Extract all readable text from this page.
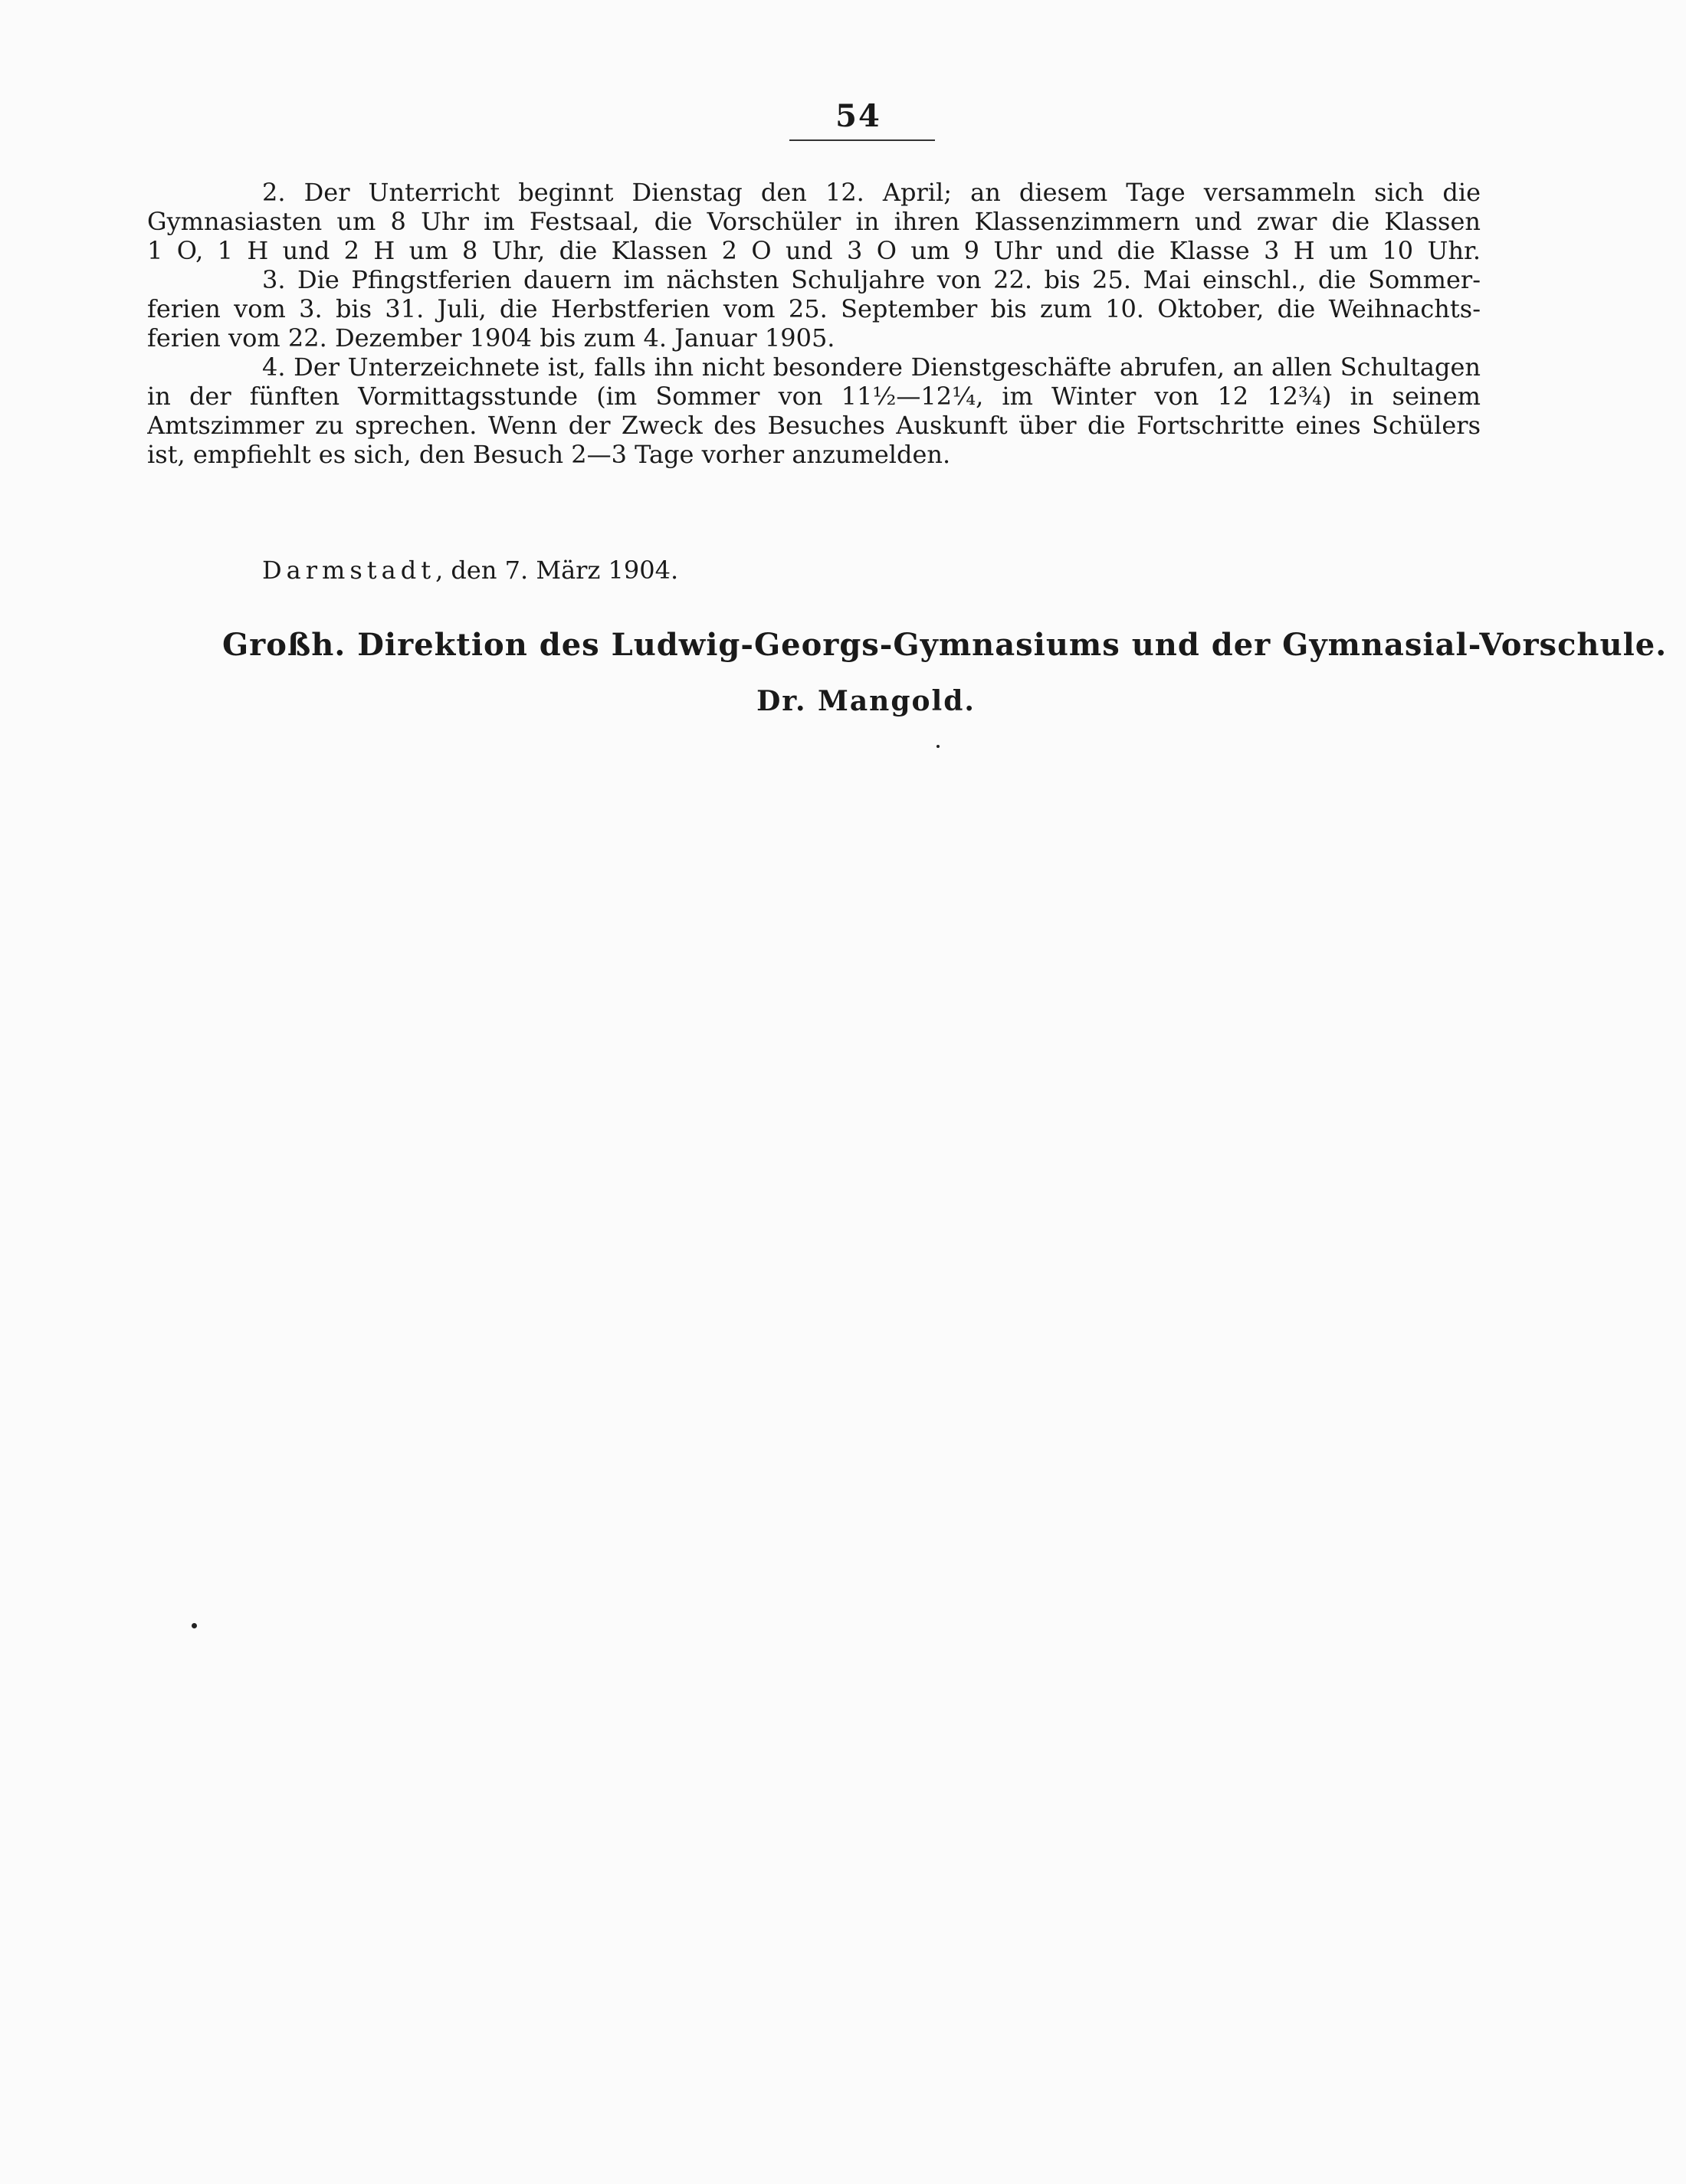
54
2. Der Unterricht beginnt Dienstag den 12. April; an diesem Tage versammeln sich die
Gymnasiasten um 8 Uhr im Festsaal, die Vorschüler in ihren Klassenzimmern und zwar die Klassen
1 O, 1 H und 2 H um 8 Uhr, die Klassen 2 O und 3 O um 9 Uhr und die Klasse 3 H um 10 Uhr.
3. Die Pfingstferien dauern im nächsten Schuljahre von 22. bis 25. Mai einschl., die Sommer-
ferien vom 3. bis 31. Juli, die Herbstferien vom 25. September bis zum 10. Oktober, die Weihnachts-
ferien vom 22. Dezember 1904 bis zum 4. Januar 1905.
4. Der Unterzeichnete ist, falls ihn nicht besondere Dienstgeschäfte abrufen, an allen Schultagen
in der fünften Vormittagsstunde (im Sommer von 11½—12¼, im Winter von 12 12¾) in seinem
Amtszimmer zu sprechen. Wenn der Zweck des Besuches Auskunft über die Fortschritte eines Schülers
ist, empfiehlt es sich, den Besuch 2—3 Tage vorher anzumelden.
Darmstadt, den 7. März 1904.
Großh. Direktion des Ludwig-Georgs-Gymnasiums und der Gymnasial-Vorschule.
Dr. Mangold.
